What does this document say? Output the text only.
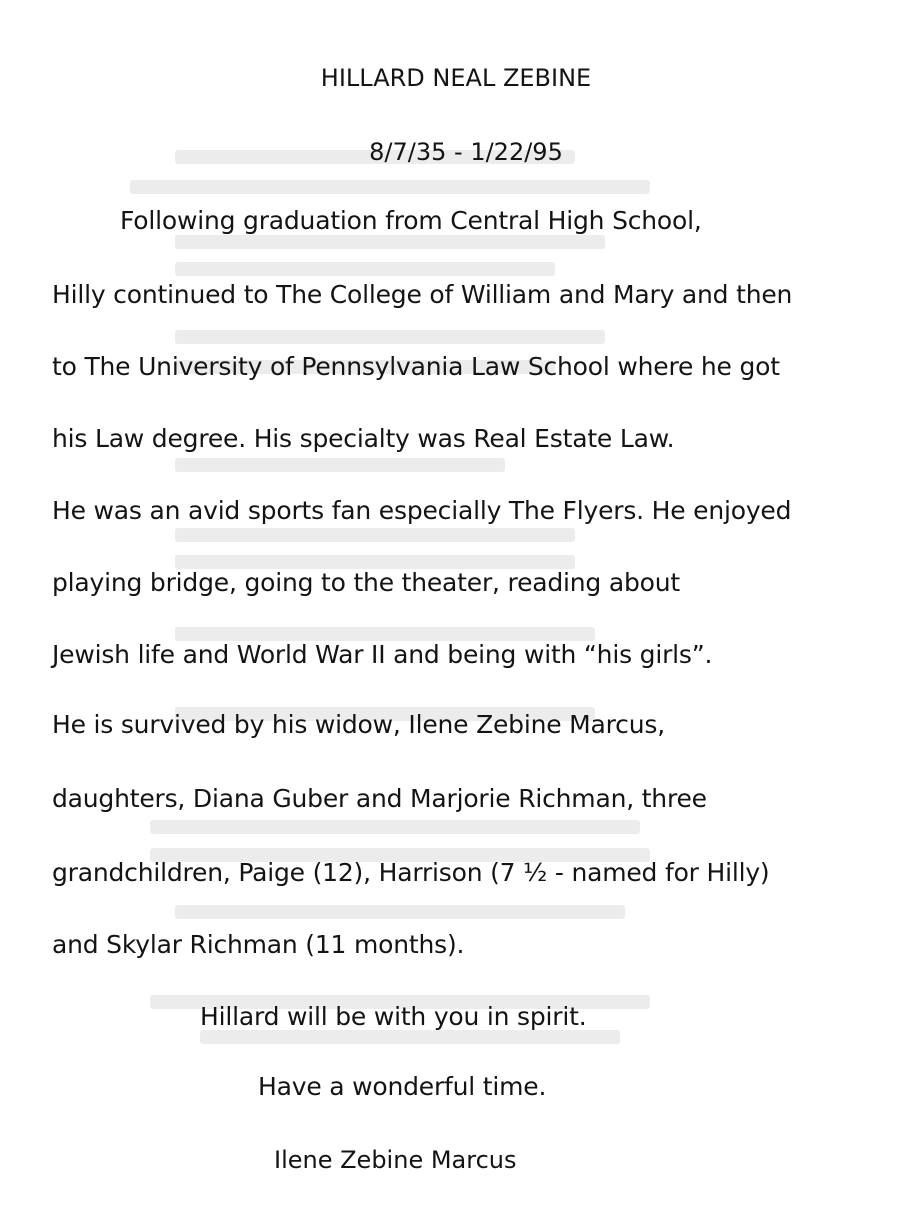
HILLARD NEAL ZEBINE
8/7/35 - 1/22/95
Following graduation from Central High School,
Hilly continued to The College of William and Mary and then
to The University of Pennsylvania Law School where he got
his Law degree. His specialty was Real Estate Law.
He was an avid sports fan especially The Flyers. He enjoyed
playing bridge, going to the theater, reading about
Jewish life and World War II and being with “his girls”.
He is survived by his widow, Ilene Zebine Marcus,
daughters, Diana Guber and Marjorie Richman, three
grandchildren, Paige (12), Harrison (7 ½ - named for Hilly)
and Skylar Richman (11 months).
Hillard will be with you in spirit.
Have a wonderful time.
Ilene Zebine Marcus
